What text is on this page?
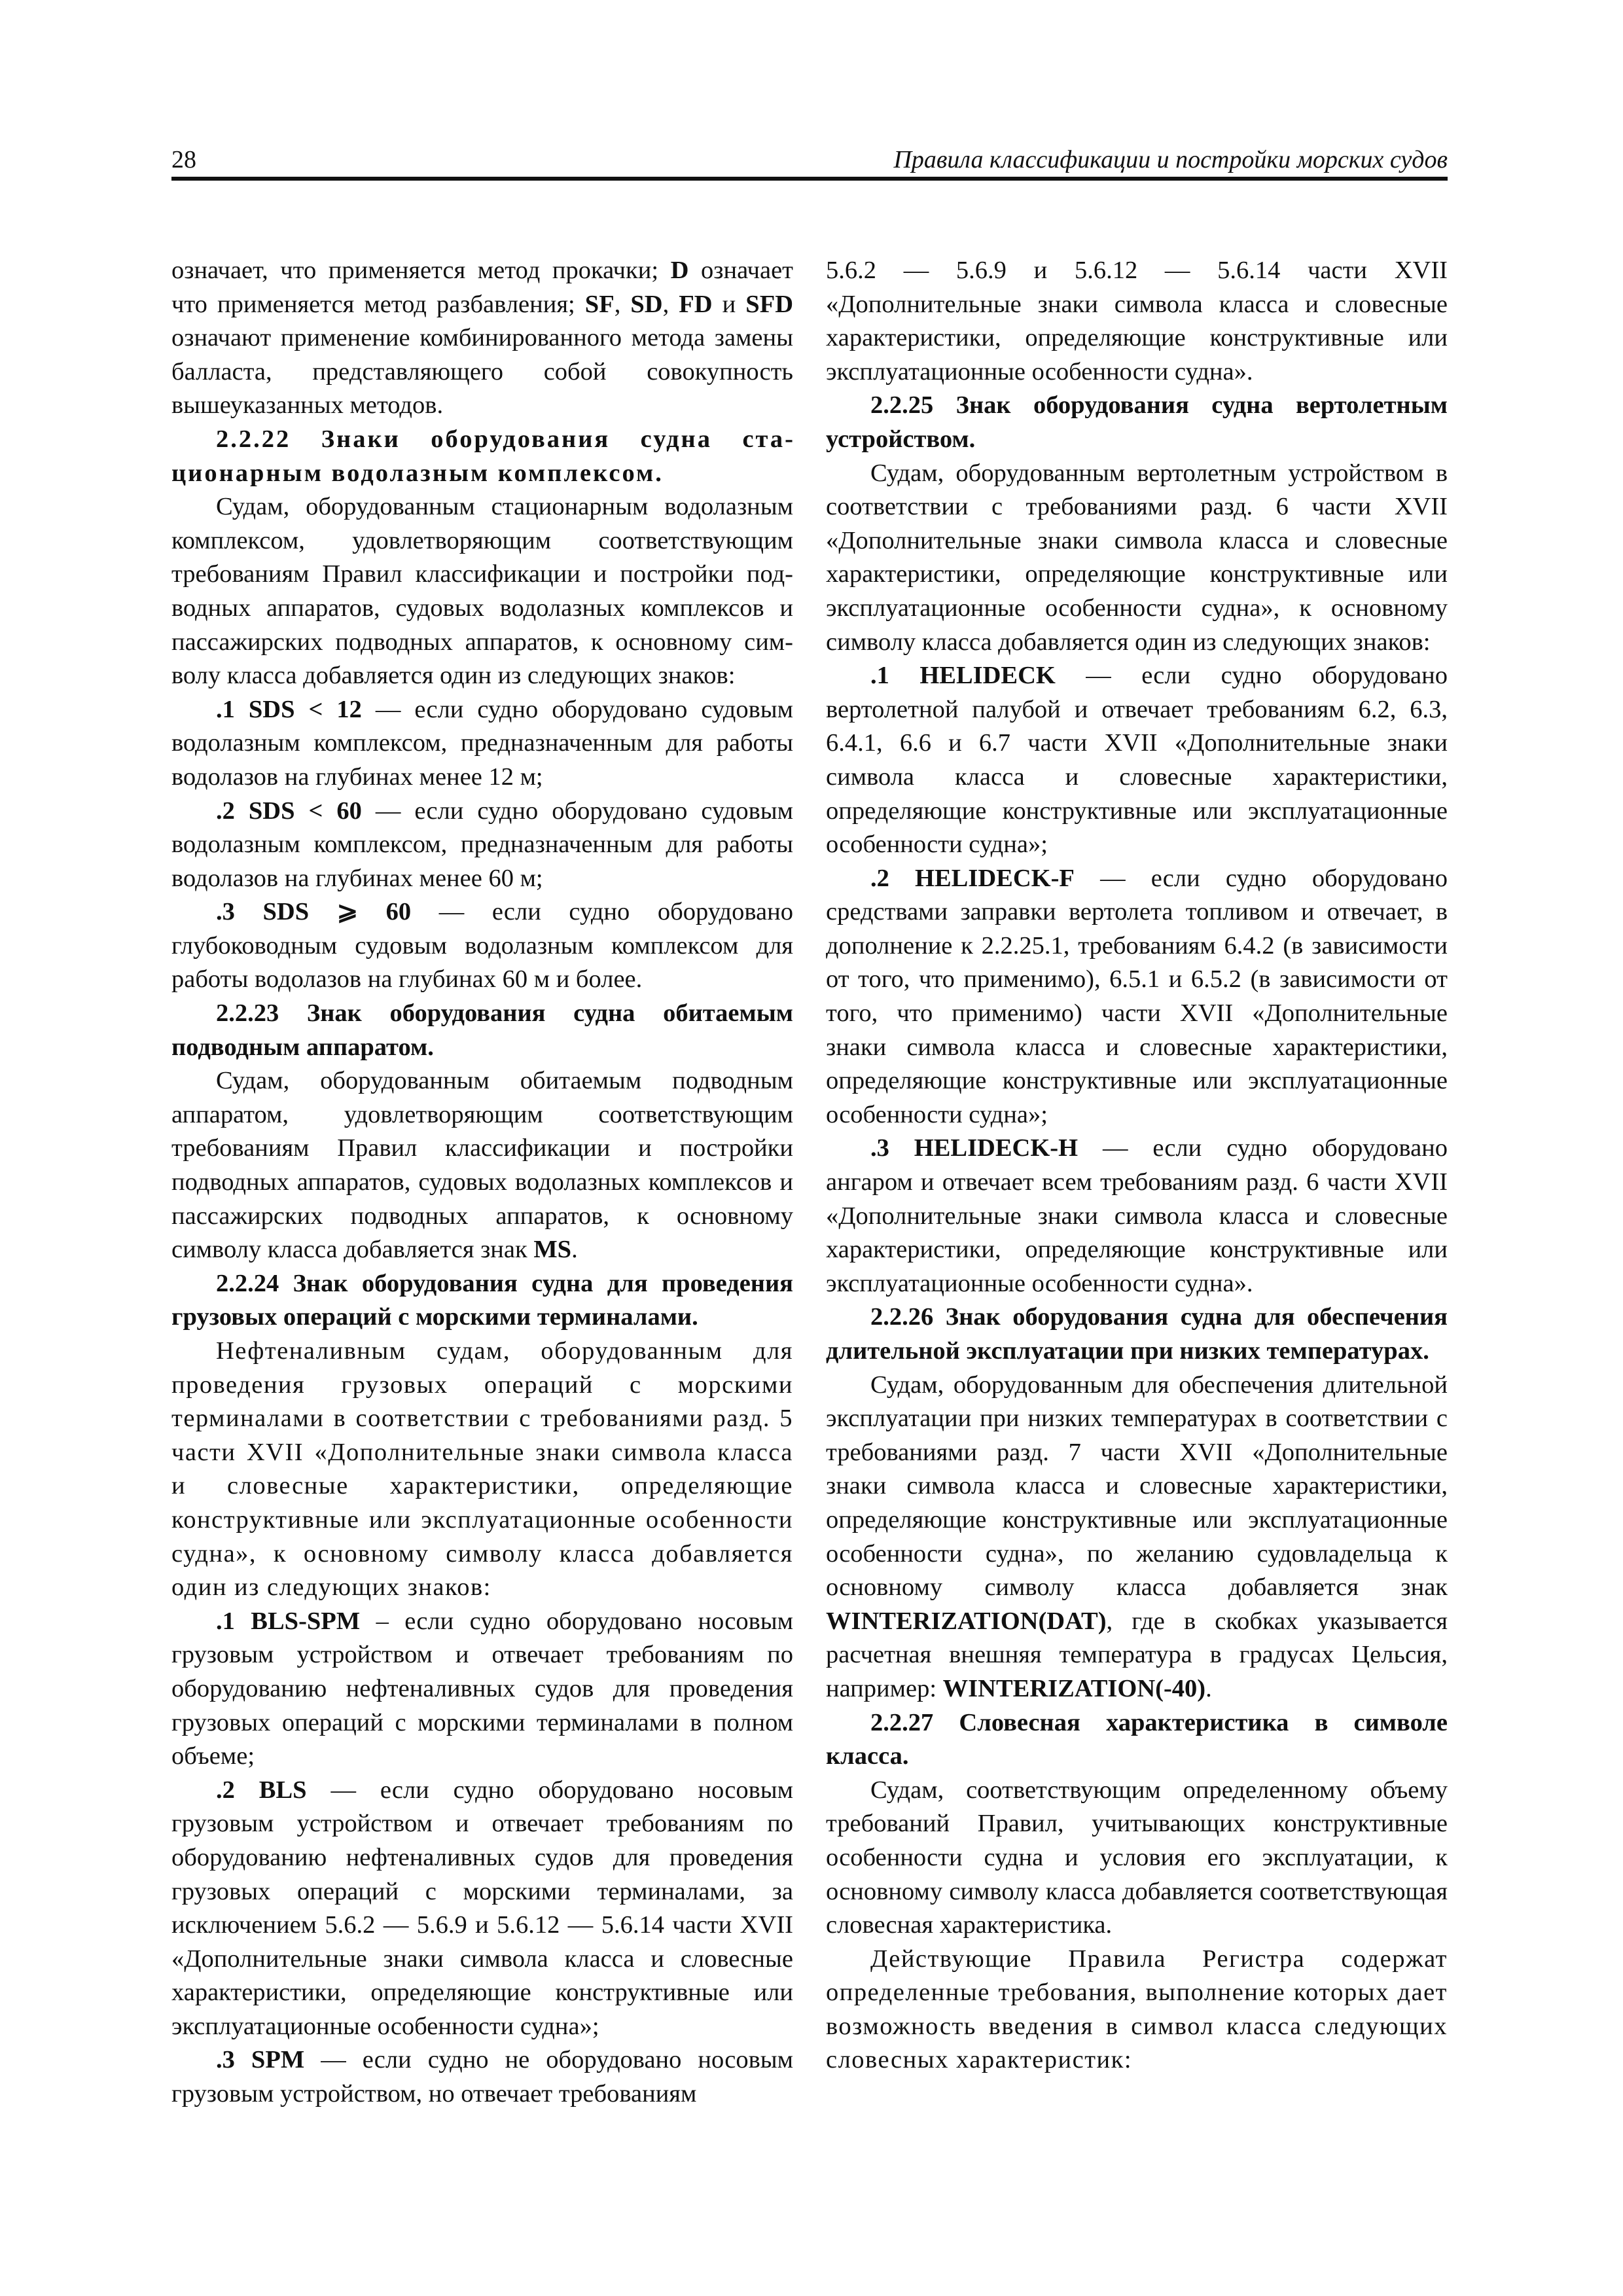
28	Правила классификации и постройки морских судов

означает, что применяется метод прокачки; D означает что применяется метод разбавления; SF, SD, FD и SFD означают применение комбинированного метода замены балласта, представляющего собой совокупность вышеуказанных методов.

2.2.22 Знаки оборудования судна стационарным водолазным комплексом.

Судам, оборудованным стационарным водолазным комплексом, удовлетворяющим соответствующим требованиям Правил классификации и постройки подводных аппаратов, судовых водолазных комплексов и пассажирских подводных аппаратов, к основному символу класса добавляется один из следующих знаков:

.1 SDS < 12 — если судно оборудовано судовым водолазным комплексом, предназначенным для работы водолазов на глубинах менее 12 м;

.2 SDS < 60 — если судно оборудовано судовым водолазным комплексом, предназначенным для работы водолазов на глубинах менее 60 м;

.3 SDS ⩾ 60 — если судно оборудовано глубоководным судовым водолазным комплексом для работы водолазов на глубинах 60 м и более.

2.2.23 Знак оборудования судна обитаемым подводным аппаратом.

Судам, оборудованным обитаемым подводным аппаратом, удовлетворяющим соответствующим требованиям Правил классификации и постройки подводных аппаратов, судовых водолазных комплексов и пассажирских подводных аппаратов, к основному символу класса добавляется знак MS.

2.2.24 Знак оборудования судна для проведения грузовых операций с морскими терминалами.

Нефтеналивным судам, оборудованным для проведения грузовых операций с морскими терминалами в соответствии с требованиями разд. 5 части XVII «Дополнительные знаки символа класса и словесные характеристики, определяющие конструктивные или эксплуатационные особенности судна», к основному символу класса добавляется один из следующих знаков:

.1 BLS-SPM – если судно оборудовано носовым грузовым устройством и отвечает требованиям по оборудованию нефтеналивных судов для проведения грузовых операций с морскими терминалами в полном объеме;

.2 BLS — если судно оборудовано носовым грузовым устройством и отвечает требованиям по оборудованию нефтеналивных судов для проведения грузовых операций с морскими терминалами, за исключением 5.6.2 — 5.6.9 и 5.6.12 — 5.6.14 части XVII «Дополнительные знаки символа класса и словесные характеристики, определяющие конструктивные или эксплуатационные особенности судна»;

.3 SPM — если судно не оборудовано носовым грузовым устройством, но отвечает требованиям

5.6.2 — 5.6.9 и 5.6.12 — 5.6.14 части XVII «Дополнительные знаки символа класса и словесные характеристики, определяющие конструктивные или эксплуатационные особенности судна».

2.2.25 Знак оборудования судна вертолетным устройством.

Судам, оборудованным вертолетным устройством в соответствии с требованиями разд. 6 части XVII «Дополнительные знаки символа класса и словесные характеристики, определяющие конструктивные или эксплуатационные особенности судна», к основному символу класса добавляется один из следующих знаков:

.1 HELIDECK — если судно оборудовано вертолетной палубой и отвечает требованиям 6.2, 6.3, 6.4.1, 6.6 и 6.7 части XVII «Дополнительные знаки символа класса и словесные характеристики, определяющие конструктивные или эксплуатационные особенности судна»;

.2 HELIDECK-F — если судно оборудовано средствами заправки вертолета топливом и отвечает, в дополнение к 2.2.25.1, требованиям 6.4.2 (в зависимости от того, что применимо), 6.5.1 и 6.5.2 (в зависимости от того, что применимо) части XVII «Дополнительные знаки символа класса и словесные характеристики, определяющие конструктивные или эксплуатационные особенности судна»;

.3 HELIDECK-H — если судно оборудовано ангаром и отвечает всем требованиям разд. 6 части XVII «Дополнительные знаки символа класса и словесные характеристики, определяющие конструктивные или эксплуатационные особенности судна».

2.2.26 Знак оборудования судна для обеспечения длительной эксплуатации при низких температурах.

Судам, оборудованным для обеспечения длительной эксплуатации при низких температурах в соответствии с требованиями разд. 7 части XVII «Дополнительные знаки символа класса и словесные характеристики, определяющие конструктивные или эксплуатационные особенности судна», по желанию судовладельца к основному символу класса добавляется знак WINTERIZATION(DAT), где в скобках указывается расчетная внешняя температура в градусах Цельсия, например: WINTERIZATION(-40).

2.2.27 Словесная характеристика в символе класса.

Судам, соответствующим определенному объему требований Правил, учитывающих конструктивные особенности судна и условия его эксплуатации, к основному символу класса добавляется соответствующая словесная характеристика.

Действующие Правила Регистра содержат определенные требования, выполнение которых дает возможность введения в символ класса следующих словесных характеристик:
